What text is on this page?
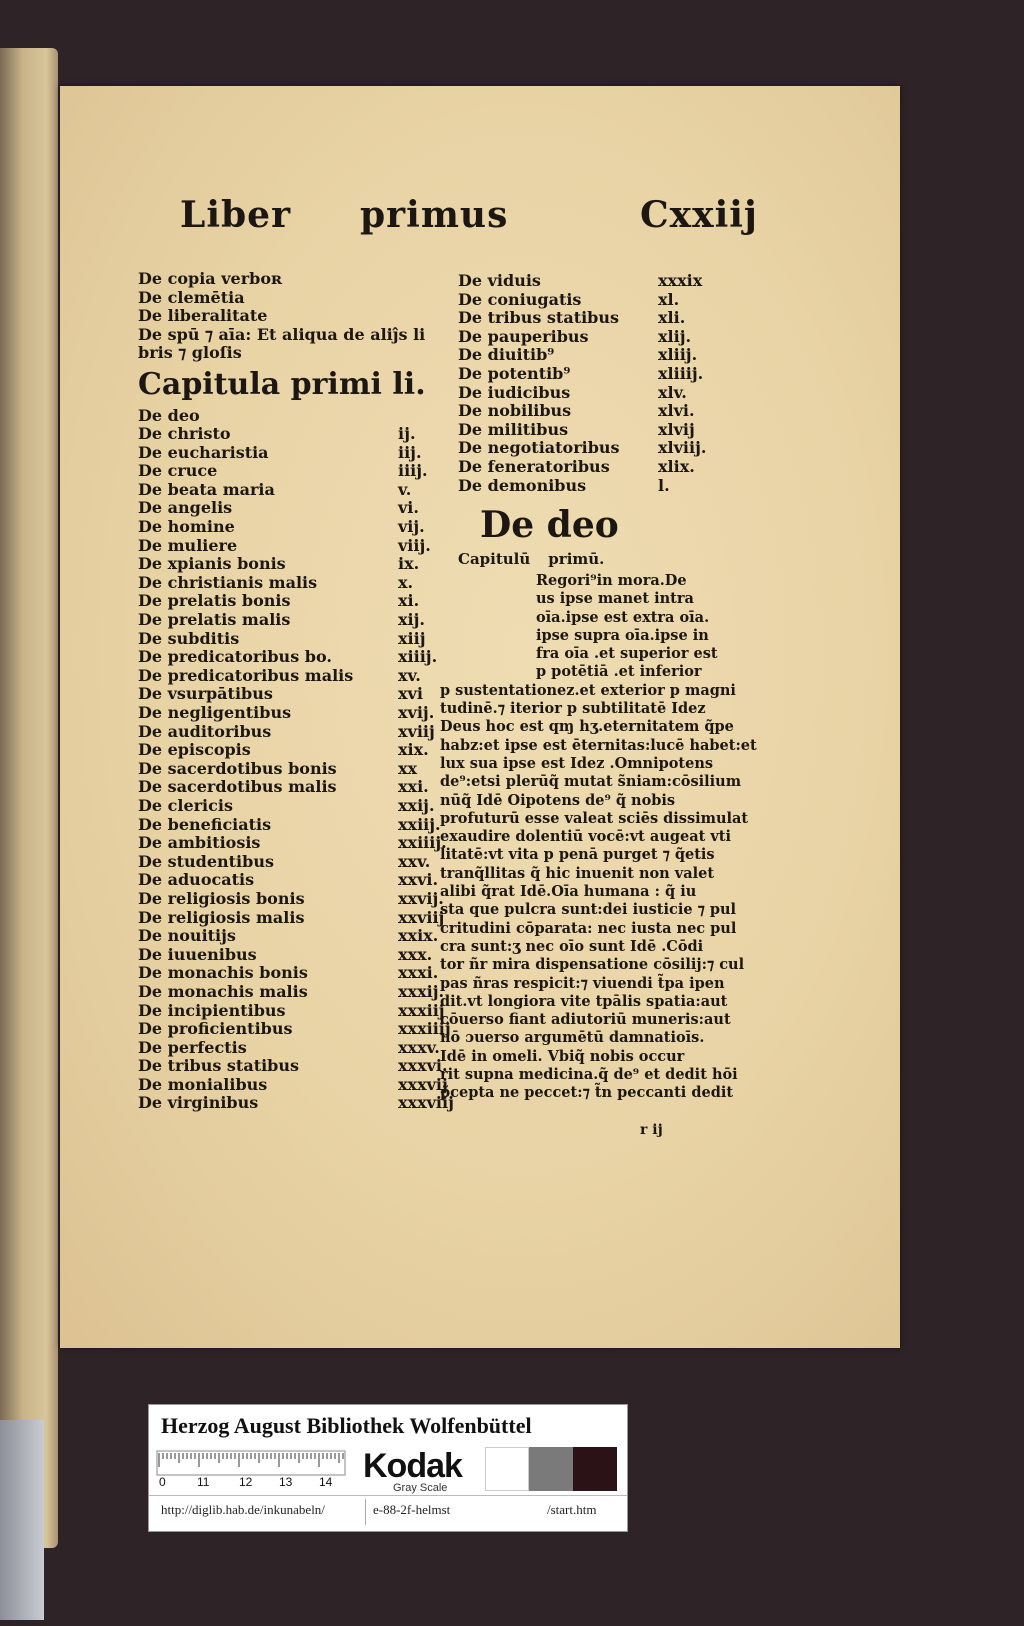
Liber primus	Cxxiij
De copia verboʀ
De clemētia
De liberalitate
De spū ⁊ aīa: Et aliqua de aliĵs li
bris ⁊ gloſis
Capitula primi li.
De deo
De christo	ĳ.
De eucharistia	iij.
De cruce	iiij.
De beata maria	v.
De angelis	vi.
De homine	vij.
De muliere	viij.
De xpianis bonis	ix.
De christianis malis	x.
De prelatis bonis	xi.
De prelatis malis	xij.
De subditis	xiij
De predicatoribus bo.	xiiij.
De predicatoribus malis	xv.
De vsurpātibus	xvi
De negligentibus	xvij.
De auditoribus	xviij
De episcopis	xix.
De sacerdotibus bonis	xx
De sacerdotibus malis	xxi.
De clericis	xxij.
De beneficiatis	xxiij.
De ambitiosis	xxiiij.
De studentibus	xxv.
De aduocatis	xxvi.
De religiosis bonis	xxvij.
De religiosis malis	xxviij
De nouitijs	xxix.
De iuuenibus	xxx.
De monachis bonis	xxxi.
De monachis malis	xxxij.
De incipientibus	xxxiij
De proficientibus	xxxiiij
De perfectis	xxxv.
De tribus statibus	xxxvi.
De monialibus	xxxvij
De virginibus	xxxviij
De viduis	xxxix
De coniugatis	xl.
De tribus statibus	xli.
De pauperibus	xlij.
De diuitib⁹	xliij.
De potentib⁹	xliiij.
De iudicibus	xlv.
De nobilibus	xlvi.
De militibus	xlvij
De negotiatoribus	xlviij.
De feneratoribus	xlix.
De demonibus	l.
De deo
Capitulū primū.
Regori⁹in mora.De
us ipse manet intra
oīa.ipse est extra oīa.
ipse supra oīa.ipse in
fra oīa .et superior est
p potētiā .et inferior
p sustentationez.et exterior p magni
tudinē.⁊ iterior p subtilitatē Idez
Deus hoc est qɱ hʒ.eternitatem q̃pe
habz:et ipse est ēternitas:lucē habet:et
lux sua ipse est Idez .Omnipotens
de⁹:etsi plerūq̃ mutat s̃niam:cōsilium
nūq̃ Idē Oipotens de⁹ q̃ nobis
profuturū esse valeat sciēs dissimulat
exaudire dolentiū vocē:vt augeat vti
litatē:vt vita p penā purget ⁊ q̃etis
tranq̃llitas q̃ hic inuenit non valet
alibi q̃rat Idē.Oīa humana : q̃ iu
sta que pulcra sunt:dei iusticie ⁊ pul
critudini cōparata: nec iusta nec pul
cra sunt:ʒ nec oīo sunt Idē .Cōdi
tor ñr mira dispensatione cōsilij:⁊ cul
pas ñras respicit:⁊ viuendi t̃pa ipen
dit.vt longiora vite tpālis spatia:aut
cōuerso fiant adiutoriū muneris:aut
nō ɔuerso argumētū damnatioīs.
Idē in omeli. Vbiq̃ nobis occur
rit supna medicina.q̃ de⁹ et dedit hōi
p̃cepta ne peccet:⁊ t̃n peccanti dedit
r ĳ
Herzog August Bibliothek Wolfenbüttel
0	11 12 13 14 Kodak
Gray Scale
http://diglib.hab.de/inkunabeln/	e-88-2f-helmst	/start.htm
